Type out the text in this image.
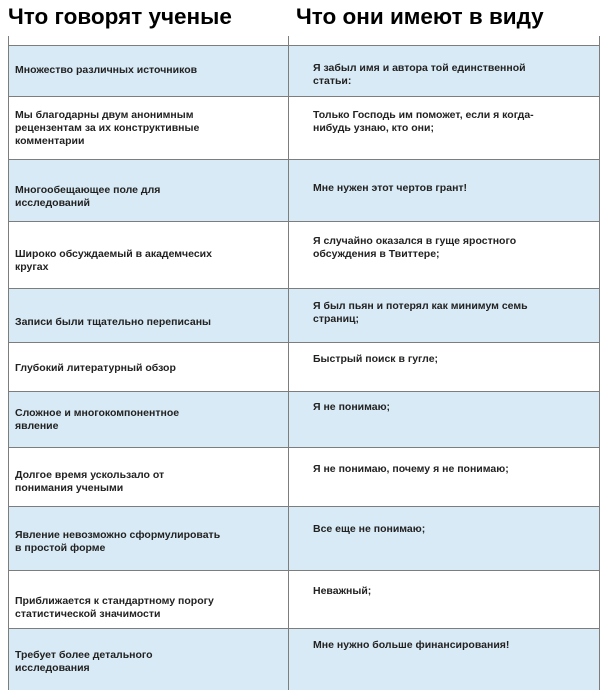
Что говорят ученые	Что они имеют в виду
Множество различных источников	Я забыл имя и автора той единственной
статьи:
Мы благодарны двум анонимным
рецензентам за их конструктивные
комментарии
Только Господь им поможет, если я когда-
нибудь узнаю, кто они;
Многообещающее поле для
исследований
Мне нужен этот чертов грант!
Широко обсуждаемый в академчесих
кругах
Я случайно оказался в гуще яростного
обсуждения в Твиттере;
Записи были тщательно переписаны
Я был пьян и потерял как минимум семь
страниц;
Глубокий литературный обзор
Быстрый поиск в гугле;
Сложное и многокомпонентное
явление
Я не понимаю;
Долгое время ускользало от
понимания учеными
Я не понимаю, почему я не понимаю;
Явление невозможно сформулировать
в простой форме
Все еще не понимаю;
Приближается к стандартному порогу
статистической значимости
Неважный;
Требует более детального
исследования
Мне нужно больше финансирования!
